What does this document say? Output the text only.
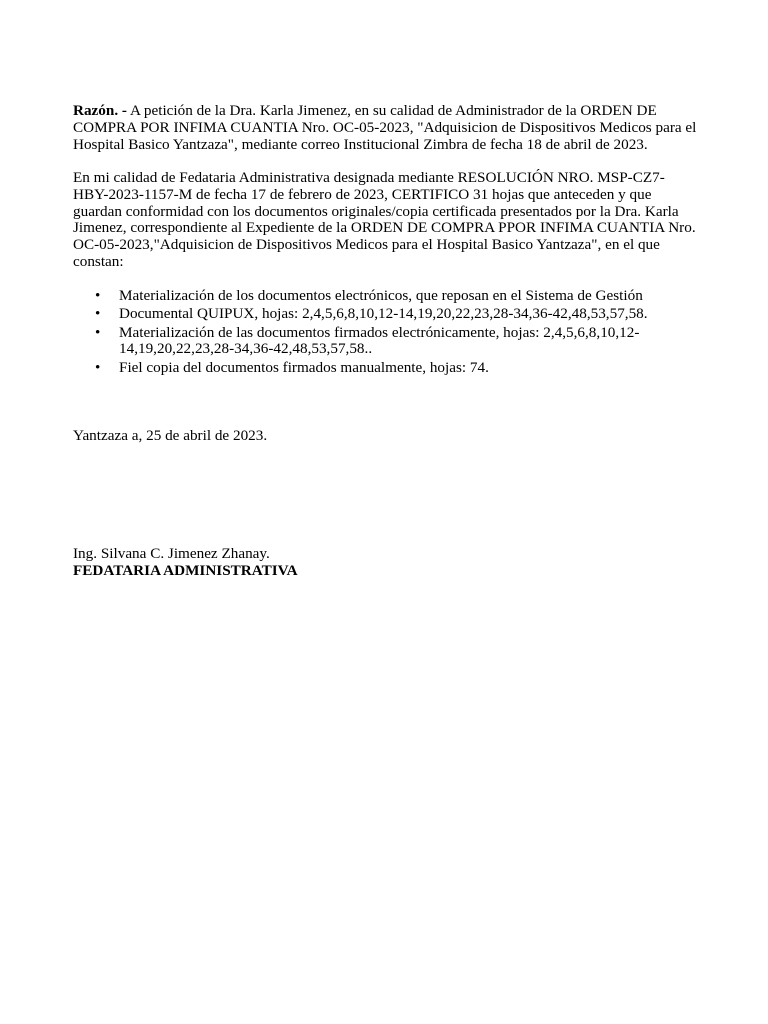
Razón. - A petición de la Dra. Karla Jimenez, en su calidad de Administrador de la ORDEN DE COMPRA POR INFIMA CUANTIA Nro. OC-05-2023, "Adquisicion de Dispositivos Medicos para el Hospital Basico Yantzaza", mediante correo Institucional Zimbra de fecha 18 de abril de 2023.

En mi calidad de Fedataria Administrativa designada mediante RESOLUCIÓN NRO. MSP-CZ7-HBY-2023-1157-M de fecha 17 de febrero de 2023, CERTIFICO 31 hojas que anteceden y que guardan conformidad con los documentos originales/copia certificada presentados por la Dra. Karla Jimenez, correspondiente al Expediente de la ORDEN DE COMPRA PPOR INFIMA CUANTIA Nro. OC-05-2023,"Adquisicion de Dispositivos Medicos para el Hospital Basico Yantzaza", en el que constan:

• Materialización de los documentos electrónicos, que reposan en el Sistema de Gestión
• Documental QUIPUX, hojas: 2,4,5,6,8,10,12-14,19,20,22,23,28-34,36-42,48,53,57,58.
• Materialización de las documentos firmados electrónicamente, hojas: 2,4,5,6,8,10,12-14,19,20,22,23,28-34,36-42,48,53,57,58..
• Fiel copia del documentos firmados manualmente, hojas: 74.

Yantzaza a, 25 de abril de 2023.

Ing. Silvana C. Jimenez Zhanay.

FEDATARIA ADMINISTRATIVA
